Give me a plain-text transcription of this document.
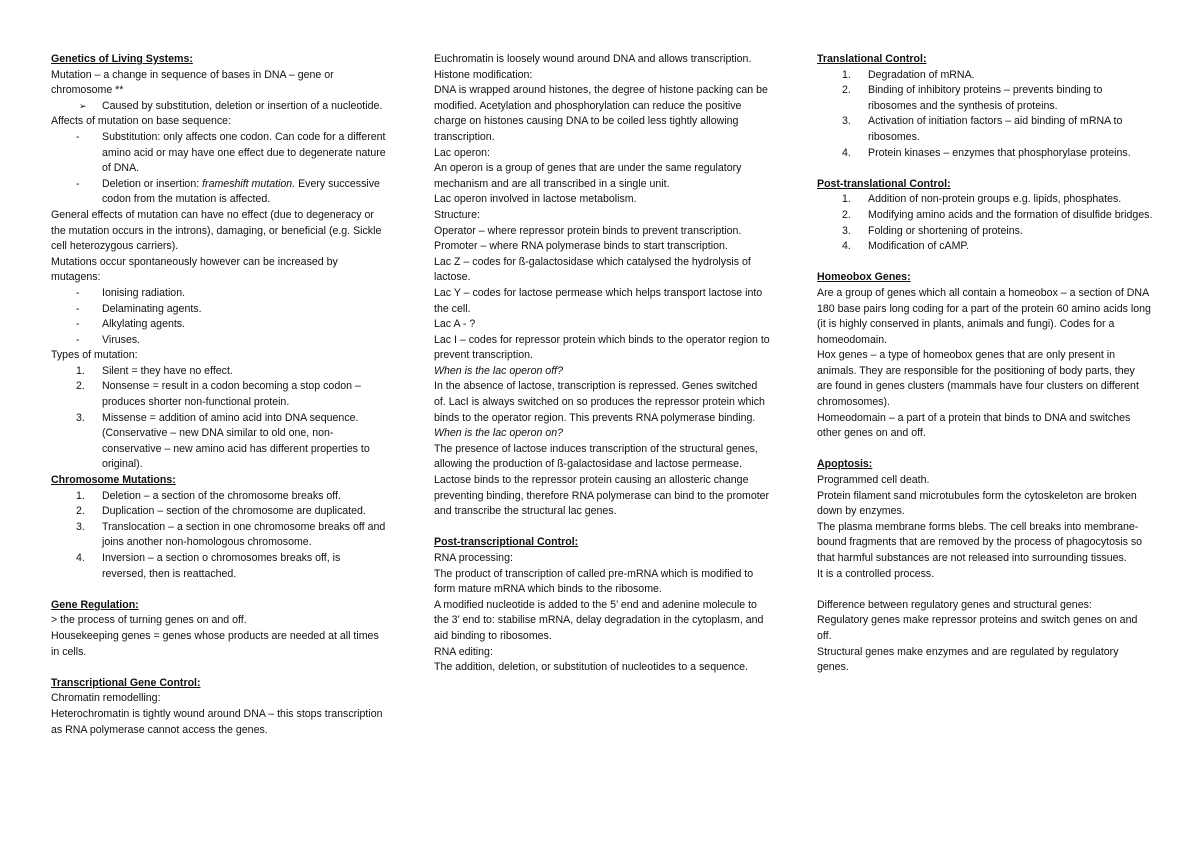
Genetics of Living Systems:

Mutation – a change in sequence of bases in DNA – gene or chromosome **

➢ Caused by substitution, deletion or insertion of a nucleotide.

Affects of mutation on base sequence:

- Substitution: only affects one codon. Can code for a different amino acid or may have one effect due to degenerate nature of DNA.

- Deletion or insertion: frameshift mutation. Every successive codon from the mutation is affected.

General effects of mutation can have no effect (due to degeneracy or the mutation occurs in the introns), damaging, or beneficial (e.g. Sickle cell heterozygous carriers).

Mutations occur spontaneously however can be increased by mutagens:

- Ionising radiation.

- Delaminating agents.

- Alkylating agents.

- Viruses.

Types of mutation:

1. Silent = they have no effect.

2. Nonsense = result in a codon becoming a stop codon – produces shorter non-functional protein.

3. Missense = addition of amino acid into DNA sequence. (Conservative – new DNA similar to old one, non-conservative – new amino acid has different properties to original).

Chromosome Mutations:

1. Deletion – a section of the chromosome breaks off.

2. Duplication – section of the chromosome are duplicated.

3. Translocation – a section in one chromosome breaks off and joins another non-homologous chromosome.

4. Inversion – a section o chromosomes breaks off, is reversed, then is reattached.

Gene Regulation:

> the process of turning genes on and off.

Housekeeping genes = genes whose products are needed at all times in cells.

Transcriptional Gene Control:

Chromatin remodelling:

Heterochromatin is tightly wound around DNA – this stops transcription as RNA polymerase cannot access the genes.

Euchromatin is loosely wound around DNA and allows transcription.

Histone modification:

DNA is wrapped around histones, the degree of histone packing can be modified. Acetylation and phosphorylation can reduce the positive charge on histones causing DNA to be coiled less tightly allowing transcription.

Lac operon:

An operon is a group of genes that are under the same regulatory mechanism and are all transcribed in a single unit.

Lac operon involved in lactose metabolism.

Structure:

Operator – where repressor protein binds to prevent transcription.

Promoter – where RNA polymerase binds to start transcription.

Lac Z – codes for ß-galactosidase which catalysed the hydrolysis of lactose.

Lac Y – codes for lactose permease which helps transport lactose into the cell.

Lac A - ?

Lac I – codes for repressor protein which binds to the operator region to prevent transcription.

When is the lac operon off?

In the absence of lactose, transcription is repressed. Genes switched of. LacI is always switched on so produces the repressor protein which binds to the operator region. This prevents RNA polymerase binding.

When is the lac operon on?

The presence of lactose induces transcription of the structural genes, allowing the production of ß-galactosidase and lactose permease. Lactose binds to the repressor protein causing an allosteric change preventing binding, therefore RNA polymerase can bind to the promoter and transcribe the structural lac genes.

Post-transcriptional Control:

RNA processing:

The product of transcription of called pre-mRNA which is modified to form mature mRNA which binds to the ribosome.

A modified nucleotide is added to the 5’ end and adenine molecule to the 3’ end to: stabilise mRNA, delay degradation in the cytoplasm, and aid binding to ribosomes.

RNA editing:

The addition, deletion, or substitution of nucleotides to a sequence.

Translational Control:

1. Degradation of mRNA.

2. Binding of inhibitory proteins – prevents binding to ribosomes and the synthesis of proteins.

3. Activation of initiation factors – aid binding of mRNA to ribosomes.

4. Protein kinases – enzymes that phosphorylase proteins.

Post-translational Control:

1. Addition of non-protein groups e.g. lipids, phosphates.

2. Modifying amino acids and the formation of disulfide bridges.

3. Folding or shortening of proteins.

4. Modification of cAMP.

Homeobox Genes:

Are a group of genes which all contain a homeobox – a section of DNA 180 base pairs long coding for a part of the protein 60 amino acids long (it is highly conserved in plants, animals and fungi). Codes for a homeodomain.

Hox genes – a type of homeobox genes that are only present in animals. They are responsible for the positioning of body parts, they are found in genes clusters (mammals have four clusters on different chromosomes).

Homeodomain – a part of a protein that binds to DNA and switches other genes on and off.

Apoptosis:

Programmed cell death.

Protein filament sand microtubules form the cytoskeleton are broken down by enzymes.

The plasma membrane forms blebs. The cell breaks into membrane-bound fragments that are removed by the process of phagocytosis so that harmful substances are not released into surrounding tissues.

It is a controlled process.

Difference between regulatory genes and structural genes:

Regulatory genes make repressor proteins and switch genes on and off.

Structural genes make enzymes and are regulated by regulatory genes.
